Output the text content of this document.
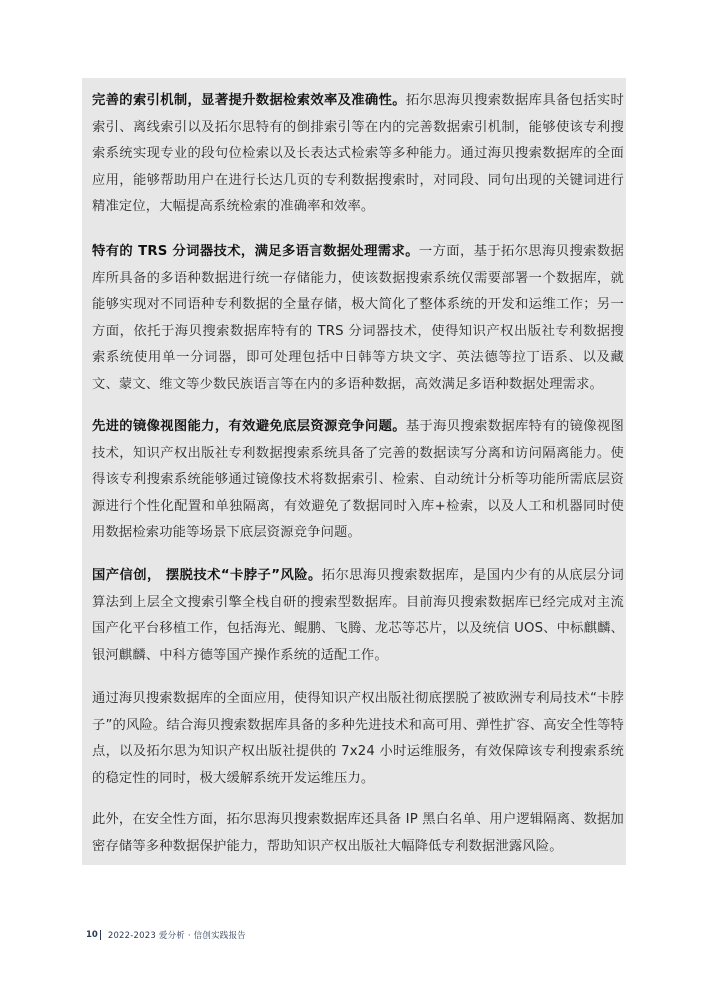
完善的索引机制，显著提升数据检索效率及准确性。拓尔思海贝搜索数据库具备包括实时索引、离线索引以及拓尔思特有的倒排索引等在内的完善数据索引机制，能够使该专利搜索系统实现专业的段句位检索以及长表达式检索等多种能力。通过海贝搜索数据库的全面应用，能够帮助用户在进行长达几页的专利数据搜索时，对同段、同句出现的关键词进行精准定位，大幅提高系统检索的准确率和效率。

特有的 TRS 分词器技术，满足多语言数据处理需求。一方面，基于拓尔思海贝搜索数据库所具备的多语种数据进行统一存储能力，使该数据搜索系统仅需要部署一个数据库，就能够实现对不同语种专利数据的全量存储，极大简化了整体系统的开发和运维工作；另一方面，依托于海贝搜索数据库特有的 TRS 分词器技术，使得知识产权出版社专利数据搜索系统使用单一分词器，即可处理包括中日韩等方块文字、英法德等拉丁语系、以及藏文、蒙文、维文等少数民族语言等在内的多语种数据，高效满足多语种数据处理需求。

先进的镜像视图能力，有效避免底层资源竞争问题。基于海贝搜索数据库特有的镜像视图技术，知识产权出版社专利数据搜索系统具备了完善的数据读写分离和访问隔离能力。使得该专利搜索系统能够通过镜像技术将数据索引、检索、自动统计分析等功能所需底层资源进行个性化配置和单独隔离，有效避免了数据同时入库+检索，以及人工和机器同时使用数据检索功能等场景下底层资源竞争问题。

国产信创， 摆脱技术“卡脖子”风险。拓尔思海贝搜索数据库，是国内少有的从底层分词算法到上层全文搜索引擎全栈自研的搜索型数据库。目前海贝搜索数据库已经完成对主流国产化平台移植工作，包括海光、鲲鹏、飞腾、龙芯等芯片，以及统信 UOS、中标麒麟、银河麒麟、中科方德等国产操作系统的适配工作。

通过海贝搜索数据库的全面应用，使得知识产权出版社彻底摆脱了被欧洲专利局技术“卡脖子”的风险。结合海贝搜索数据库具备的多种先进技术和高可用、弹性扩容、高安全性等特点，以及拓尔思为知识产权出版社提供的 7x24 小时运维服务，有效保障该专利搜索系统的稳定性的同时，极大缓解系统开发运维压力。

此外，在安全性方面，拓尔思海贝搜索数据库还具备 IP 黑白名单、用户逻辑隔离、数据加密存储等多种数据保护能力，帮助知识产权出版社大幅降低专利数据泄露风险。

10 2022-2023 爱分析 · 信创实践报告
